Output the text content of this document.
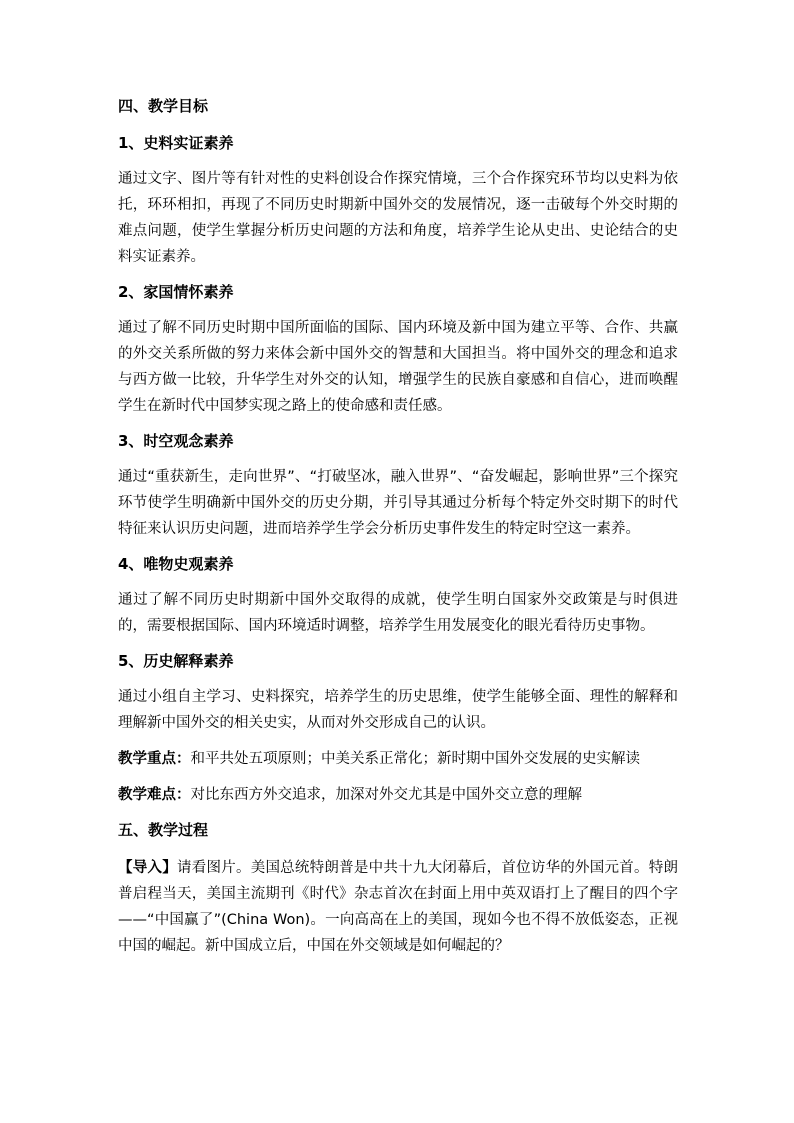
四、教学目标

1、史料实证素养

通过文字、图片等有针对性的史料创设合作探究情境，三个合作探究环节均以史料为依托，环环相扣，再现了不同历史时期新中国外交的发展情况，逐一击破每个外交时期的难点问题，使学生掌握分析历史问题的方法和角度，培养学生论从史出、史论结合的史料实证素养。

2、家国情怀素养

通过了解不同历史时期中国所面临的国际、国内环境及新中国为建立平等、合作、共赢的外交关系所做的努力来体会新中国外交的智慧和大国担当。将中国外交的理念和追求与西方做一比较，升华学生对外交的认知，增强学生的民族自豪感和自信心，进而唤醒学生在新时代中国梦实现之路上的使命感和责任感。

3、时空观念素养

通过“重获新生，走向世界”、“打破坚冰，融入世界”、“奋发崛起，影响世界”三个探究环节使学生明确新中国外交的历史分期，并引导其通过分析每个特定外交时期下的时代特征来认识历史问题，进而培养学生学会分析历史事件发生的特定时空这一素养。

4、唯物史观素养

通过了解不同历史时期新中国外交取得的成就，使学生明白国家外交政策是与时俱进的，需要根据国际、国内环境适时调整，培养学生用发展变化的眼光看待历史事物。

5、历史解释素养

通过小组自主学习、史料探究，培养学生的历史思维，使学生能够全面、理性的解释和理解新中国外交的相关史实，从而对外交形成自己的认识。

教学重点：和平共处五项原则；中美关系正常化；新时期中国外交发展的史实解读

教学难点：对比东西方外交追求，加深对外交尤其是中国外交立意的理解

五、教学过程

【导入】请看图片。美国总统特朗普是中共十九大闭幕后，首位访华的外国元首。特朗普启程当天，美国主流期刊《时代》杂志首次在封面上用中英双语打上了醒目的四个字——“中国赢了”(China Won)。一向高高在上的美国，现如今也不得不放低姿态，正视中国的崛起。新中国成立后，中国在外交领域是如何崛起的？
